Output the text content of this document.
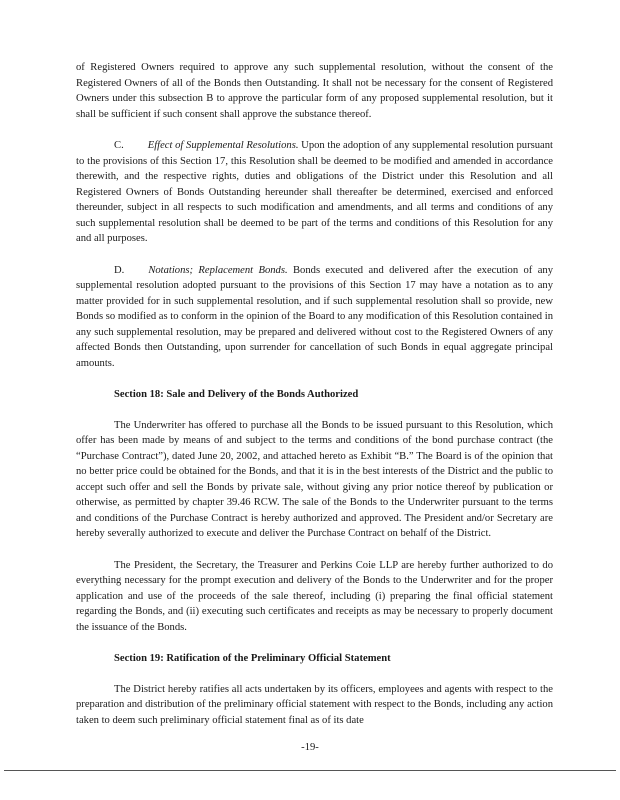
of Registered Owners required to approve any such supplemental resolution, without the consent of the Registered Owners of all of the Bonds then Outstanding. It shall not be necessary for the consent of Registered Owners under this subsection B to approve the particular form of any proposed supplemental resolution, but it shall be sufficient if such consent shall approve the substance thereof.

C. Effect of Supplemental Resolutions. Upon the adoption of any supplemental resolution pursuant to the provisions of this Section 17, this Resolution shall be deemed to be modified and amended in accordance therewith, and the respective rights, duties and obligations of the District under this Resolution and all Registered Owners of Bonds Outstanding hereunder shall thereafter be determined, exercised and enforced thereunder, subject in all respects to such modification and amendments, and all terms and conditions of any such supplemental resolution shall be deemed to be part of the terms and conditions of this Resolution for any and all purposes.

D. Notations; Replacement Bonds. Bonds executed and delivered after the execution of any supplemental resolution adopted pursuant to the provisions of this Section 17 may have a notation as to any matter provided for in such supplemental resolution, and if such supplemental resolution shall so provide, new Bonds so modified as to conform in the opinion of the Board to any modification of this Resolution contained in any such supplemental resolution, may be prepared and delivered without cost to the Registered Owners of any affected Bonds then Outstanding, upon surrender for cancellation of such Bonds in equal aggregate principal amounts.

Section 18: Sale and Delivery of the Bonds Authorized

The Underwriter has offered to purchase all the Bonds to be issued pursuant to this Resolution, which offer has been made by means of and subject to the terms and conditions of the bond purchase contract (the “Purchase Contract”), dated June 20, 2002, and attached hereto as Exhibit “B.” The Board is of the opinion that no better price could be obtained for the Bonds, and that it is in the best interests of the District and the public to accept such offer and sell the Bonds by private sale, without giving any prior notice thereof by publication or otherwise, as permitted by chapter 39.46 RCW. The sale of the Bonds to the Underwriter pursuant to the terms and conditions of the Purchase Contract is hereby authorized and approved. The President and/or Secretary are hereby severally authorized to execute and deliver the Purchase Contract on behalf of the District.

The President, the Secretary, the Treasurer and Perkins Coie LLP are hereby further authorized to do everything necessary for the prompt execution and delivery of the Bonds to the Underwriter and for the proper application and use of the proceeds of the sale thereof, including (i) preparing the final official statement regarding the Bonds, and (ii) executing such certificates and receipts as may be necessary to properly document the issuance of the Bonds.

Section 19: Ratification of the Preliminary Official Statement

The District hereby ratifies all acts undertaken by its officers, employees and agents with respect to the preparation and distribution of the preliminary official statement with respect to the Bonds, including any action taken to deem such preliminary official statement final as of its date

-19-
